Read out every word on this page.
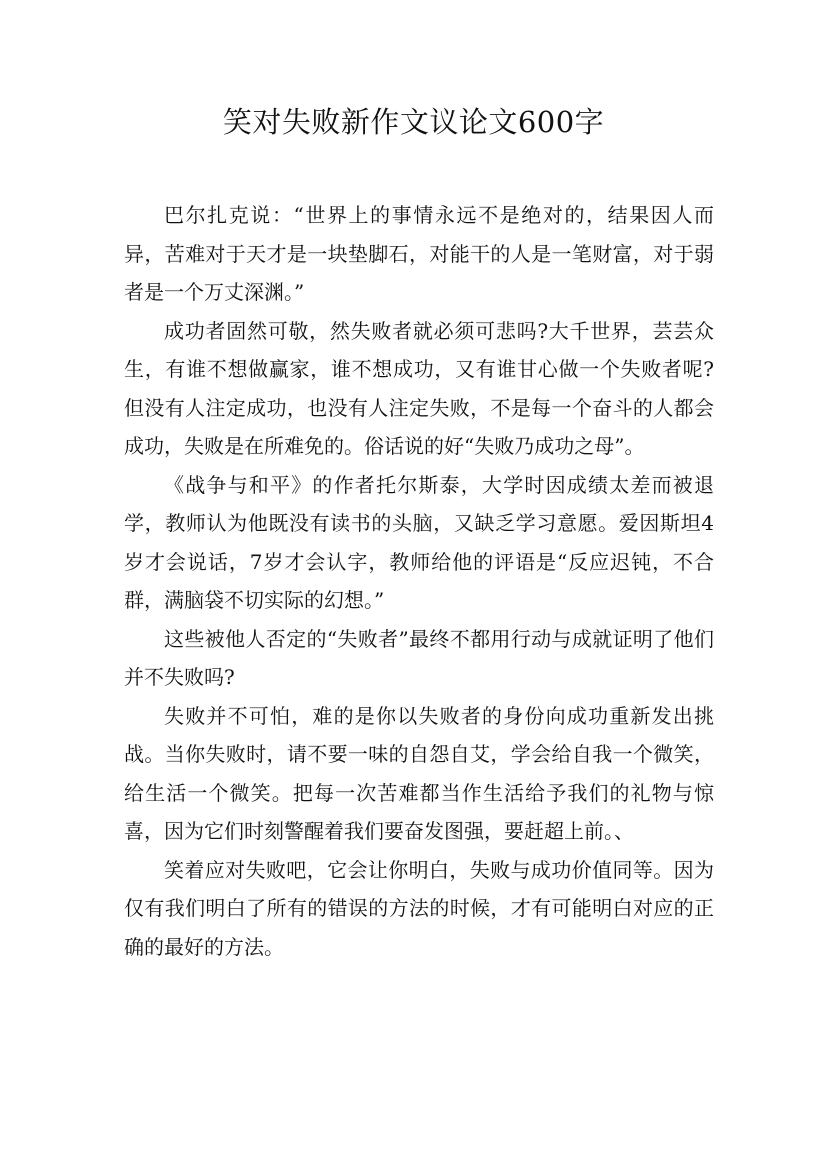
笑对失败新作文议论文600字

巴尔扎克说：“世界上的事情永远不是绝对的，结果因人而异，苦难对于天才是一块垫脚石，对能干的人是一笔财富，对于弱者是一个万丈深渊。”

成功者固然可敬，然失败者就必须可悲吗?大千世界，芸芸众生，有谁不想做赢家，谁不想成功，又有谁甘心做一个失败者呢?但没有人注定成功，也没有人注定失败，不是每一个奋斗的人都会成功，失败是在所难免的。俗话说的好“失败乃成功之母”。

《战争与和平》的作者托尔斯泰，大学时因成绩太差而被退学，教师认为他既没有读书的头脑，又缺乏学习意愿。爱因斯坦4岁才会说话，7岁才会认字，教师给他的评语是“反应迟钝，不合群，满脑袋不切实际的幻想。”

这些被他人否定的“失败者”最终不都用行动与成就证明了他们并不失败吗?

失败并不可怕，难的是你以失败者的身份向成功重新发出挑战。当你失败时，请不要一味的自怨自艾，学会给自我一个微笑，给生活一个微笑。把每一次苦难都当作生活给予我们的礼物与惊喜，因为它们时刻警醒着我们要奋发图强，要赶超上前。、

笑着应对失败吧，它会让你明白，失败与成功价值同等。因为仅有我们明白了所有的错误的方法的时候，才有可能明白对应的正确的最好的方法。
